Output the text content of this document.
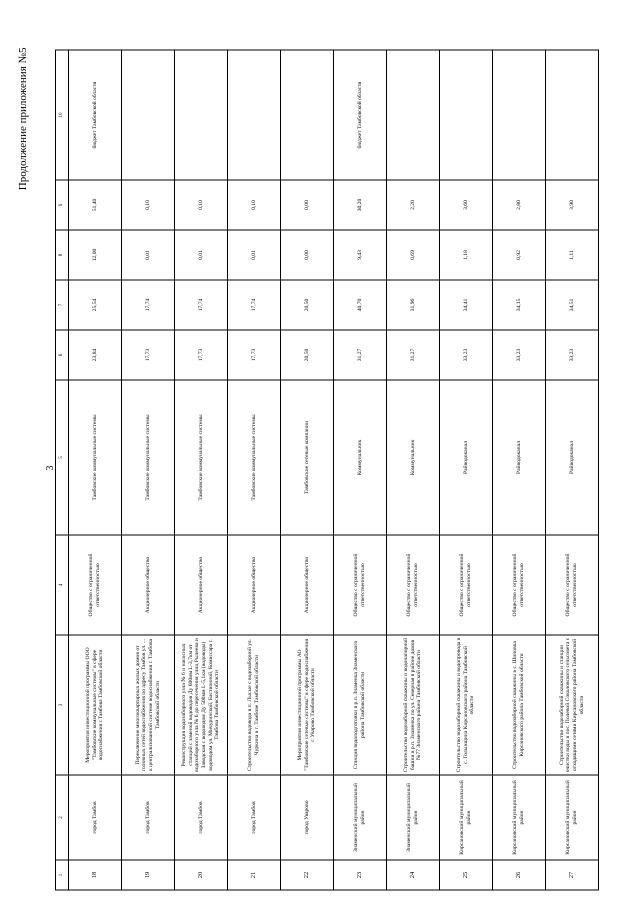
Продолжение приложения №5
3
1	2	3	4	5	6	7	8	9	10
18	город Тамбов	Мероприятия инвестиционной программы ООО "Тамбовские коммунальные системы" в сфере водоснабжения г.Тамбова Тамбовской области	Общество с ограниченной ответственностью	Тамбовские коммунальные системы	23,84	25,54	12,00	51,40	бюджет Тамбовской области
19	город Тамбов	Переключение многоквартирных жилых домов от головных сетей водоснабжения по адресу Тамбов ул. ... к централизованной системе водоснабжения г. Тамбова Тамбовской области	Акционерное общество	Тамбовские коммунальные системы	17,73	17,74	0,01	0,10	
20	город Тамбов	Реконструкция водозаборного узла № 6 и насосных станций с заменой водоводов Ду 600мм L-3,7км от водозаборного узла № 6 до пересечения улиц Рылеева и Заводская с водоводом Ду 500мм L-5,1км (водоводы) водоводом ул. Мичуринской, Бастионной, Комиссара г. Тамбова Тамбовской области	Акционерное общество	Тамбовские коммунальные системы	17,73	17,74	0,01	0,10	
21	город Тамбов	Строительство водовода в п. Лысые с водозаборной ул. Чуркина в г. Тамбове Тамбовской области	Акционерное общество	Тамбовские коммунальные системы	17,73	17,74	0,01	0,10	
22	город Уварово	Мероприятия инвестиционной программы АО "Тамбовские сетевые системы" в сфере водоснабжения г. Уварово Тамбовской области	Акционерное общество	Тамбовские сетевые компании	20,50	20,50	0,00	0,00	
23	Знаменский муниципальный район	Станция водоподготовки в р.п. Знаменка Знаменского района Тамбовской области	Общество с ограниченной ответственностью	Коммунальник	31,27	40,70	9,43	30,20	бюджет Тамбовской области
24	Знаменский муниципальный район	Строительство водозаборной скважины и водонапорной башни в р.п. Знаменка по ул. Северная в районе домов №77 Знаменского района Тамбовской области	Общество с ограниченной ответственностью	Коммунальник	31,27	31,96	0,69	2,20	
25	Кирсановский муниципальный район	Строительство водозаборной скважины и водопровода в с. Голынщина Кирсановского района Тамбовской области	Общество с ограниченной ответственностью	Райводоканал	33,23	34,41	1,18	3,60	
26	Кирсановский муниципальный район	Строительство водозаборной скважины в с. Шиновка Кирсановского района Тамбовской области	Общество с ограниченной ответственностью	Райводоканал	33,23	34,15	0,92	2,80	
27	Кирсановский муниципальный район	Строительство водозаборной скважины и станции очистки воды в пос. Полевой Соколовского сельсовета с отходящими сетями Кирсановского района Тамбовской области	Общество с ограниченной ответственностью	Райводоканал	33,23	34,51	1,11	3,90	
